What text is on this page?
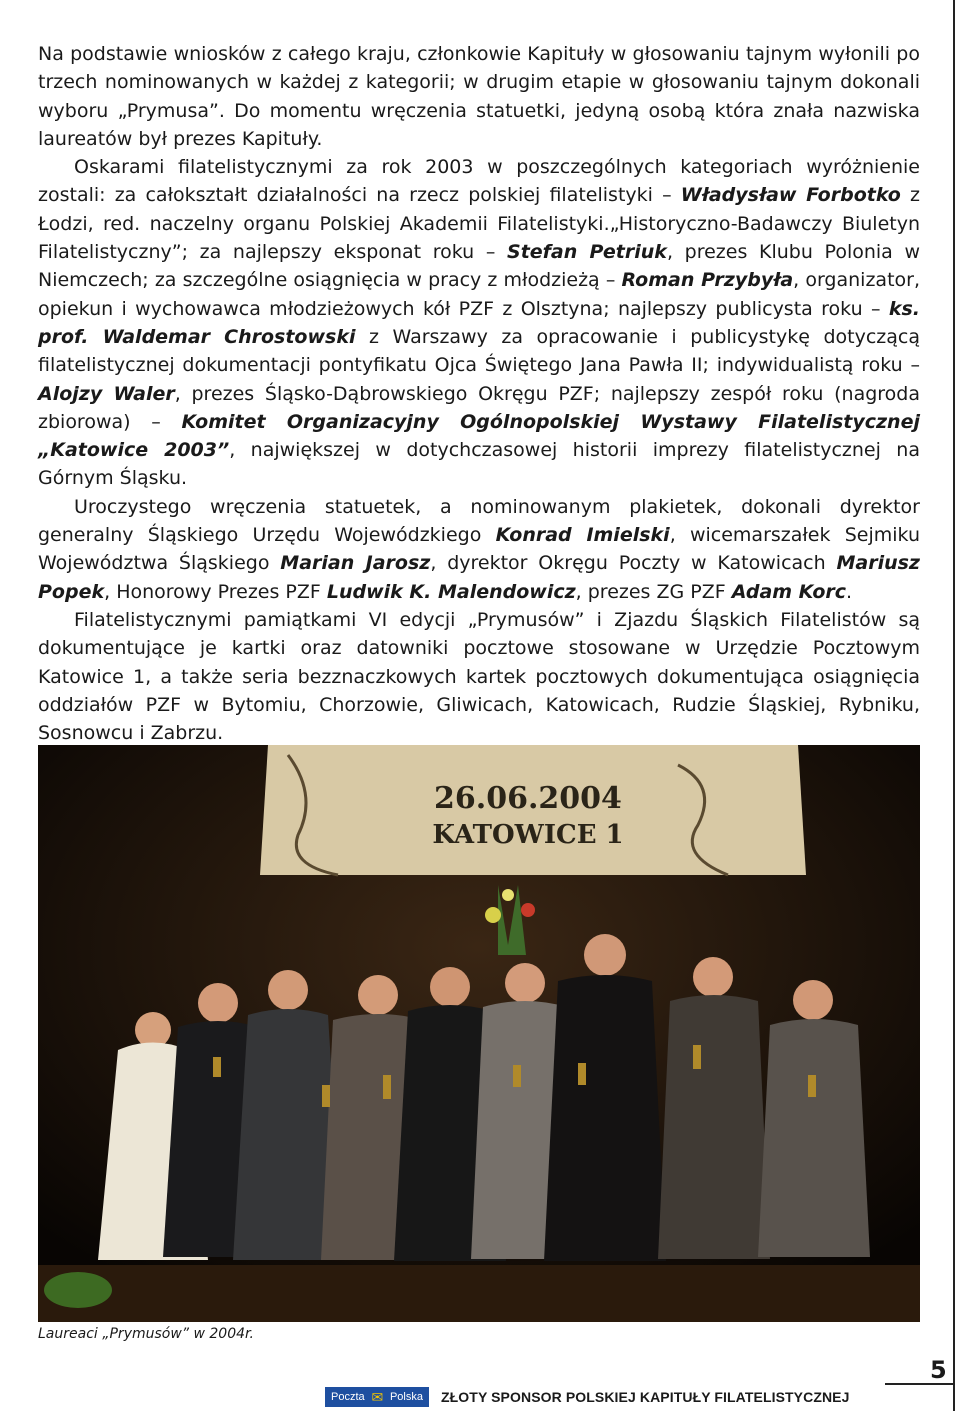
Na podstawie wniosków z całego kraju, członkowie Kapituły w głosowaniu tajnym wyłonili po trzech nominowanych w każdej z kategorii; w drugim etapie w głosowaniu tajnym dokonali wyboru „Prymusa”. Do momentu wręczenia statuetki, jedyną osobą która znała nazwiska laureatów był prezes Kapituły.

Oskarami filatelistycznymi za rok 2003 w poszczególnych kategoriach wyróżnienie zostali: za całokształt działalności na rzecz polskiej filatelistyki – Władysław Forbotko z Łodzi, red. naczelny organu Polskiej Akademii Filatelistyki.„Historyczno-Badawczy Biuletyn Filatelistyczny”; za najlepszy eksponat roku – Stefan Petriuk, prezes Klubu Polonia w Niemczech; za szczególne osiągnięcia w pracy z młodzieżą – Roman Przybyła, organizator, opiekun i wychowawca młodzieżowych kół PZF z Olsztyna; najlepszy publicysta roku – ks. prof. Waldemar Chrostowski z Warszawy za opracowanie i publicystykę dotyczącą filatelistycznej dokumentacji pontyfikatu Ojca Świętego Jana Pawła II; indywidualistą roku – Alojzy Waler, prezes Śląsko-Dąbrowskiego Okręgu PZF; najlepszy zespół roku (nagroda zbiorowa) – Komitet Organizacyjny Ogólnopolskiej Wystawy Filatelistycznej „Katowice 2003”, największej w dotychczasowej historii imprezy filatelistycznej na Górnym Śląsku.

Uroczystego wręczenia statuetek, a nominowanym plakietek, dokonali dyrektor generalny Śląskiego Urzędu Wojewódzkiego Konrad Imielski, wicemarszałek Sejmiku Województwa Śląskiego Marian Jarosz, dyrektor Okręgu Poczty w Katowicach Mariusz Popek, Honorowy Prezes PZF Ludwik K. Malendowicz, prezes ZG PZF Adam Korc.

Filatelistycznymi pamiątkami VI edycji „Prymusów” i Zjazdu Śląskich Filatelistów są dokumentujące je kartki oraz datowniki pocztowe stosowane w Urzędzie Pocztowym Katowice 1, a także seria bezznaczkowych kartek pocztowych dokumentująca osiągnięcia oddziałów PZF w Bytomiu, Chorzowie, Gliwicach, Katowicach, Rudzie Śląskiej, Rybniku, Sosnowcu i Zabrzu.

26.06.2004
KATOWICE 1
Laureaci „Prymusów” w 2004r.
5
Poczta ✉ Polska ZŁOTY SPONSOR POLSKIEJ KAPITUŁY FILATELISTYCZNEJ
